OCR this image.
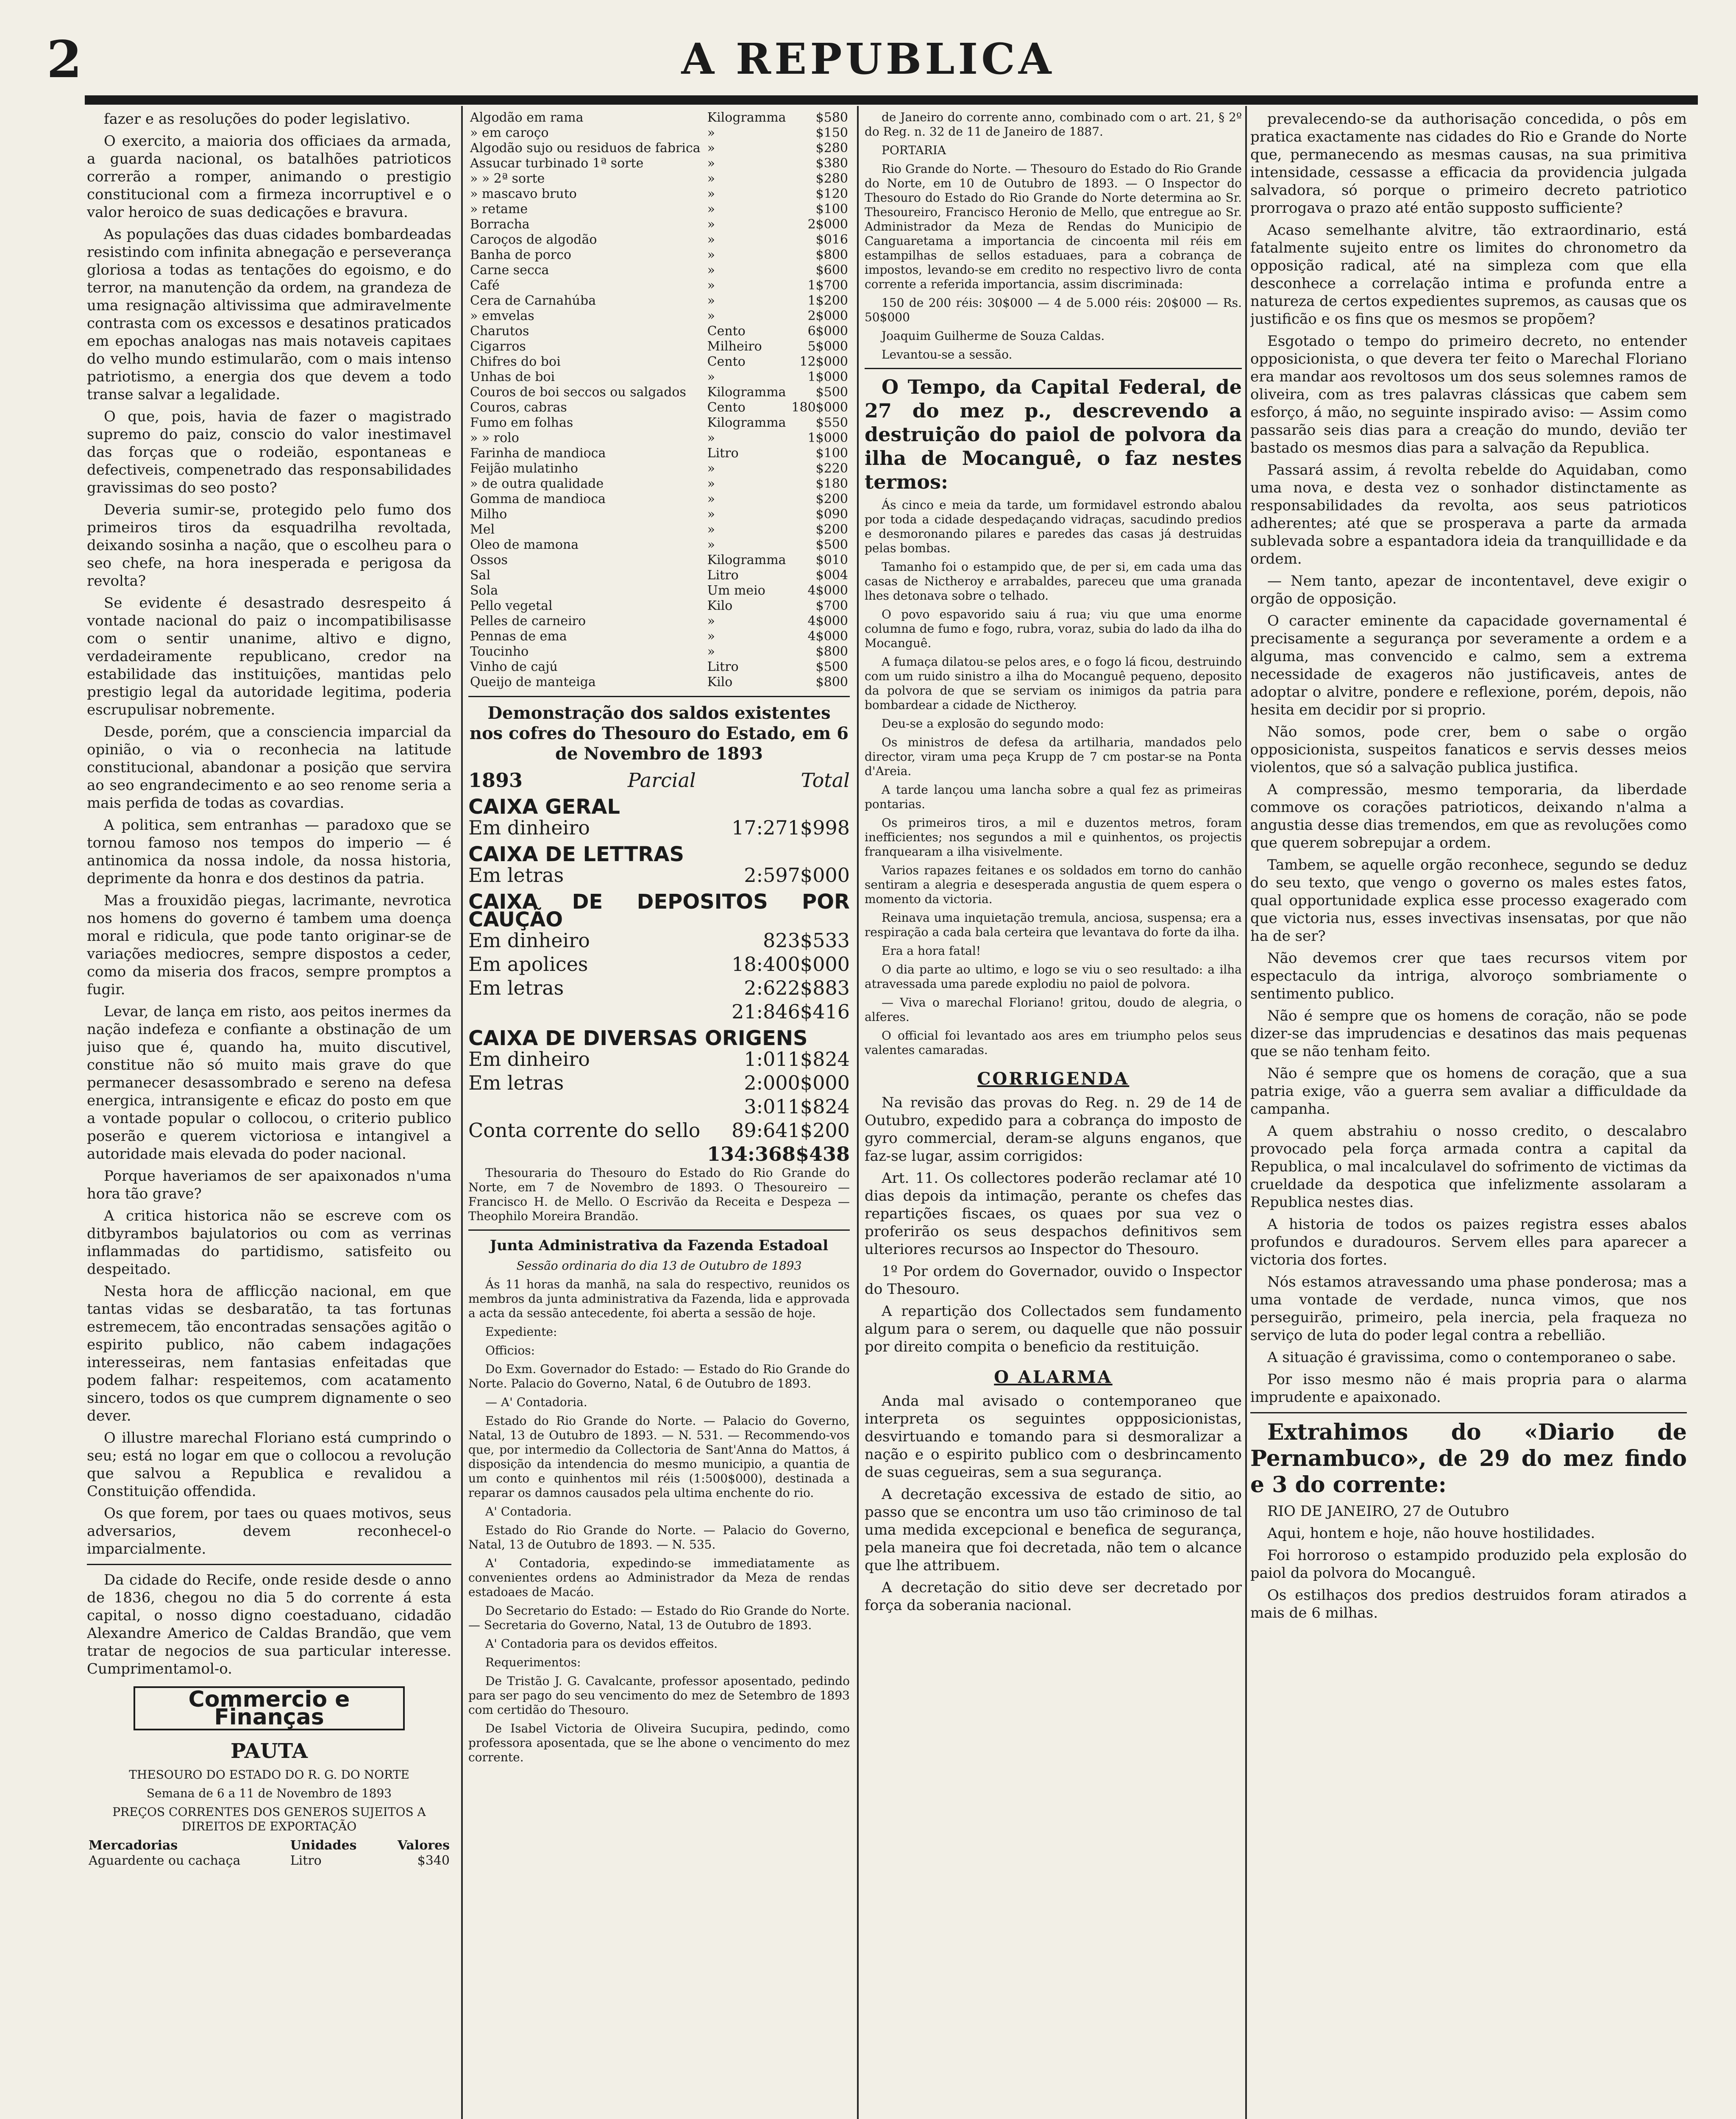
2	A REPUBLICA

fazer e as resoluções do poder legislativo.

O exercito, a maioria dos officiaes da armada, a guarda nacional, os batalhões patrioticos correrão a romper, animando o prestigio constitucional com a firmeza incorruptivel e o valor heroico de suas dedicações e bravura.

As populações das duas cidades bombardeadas resistindo com infinita abnegação e perseverança gloriosa a todas as tentações do egoismo, e do terror, na manutenção da ordem, na grandeza de uma resignação altivissima que admiravelmente contrasta com os excessos e desatinos praticados em epochas analogas nas mais notaveis capitaes do velho mundo estimularão, com o mais intenso patriotismo, a energia dos que devem a todo transe salvar a legalidade.

O que, pois, havia de fazer o magistrado supremo do paiz, conscio do valor inestimavel das forças que o rodeião, espontaneas e defectiveis, compenetrado das responsabilidades gravissimas do seo posto?

Deveria sumir-se, protegido pelo fumo dos primeiros tiros da esquadrilha revoltada, deixando sosinha a nação, que o escolheu para o seo chefe, na hora inesperada e perigosa da revolta?

Se evidente é desastrado desrespeito á vontade nacional do paiz o incompatibilisasse com o sentir unanime, altivo e digno, verdadeiramente republicano, credor na estabilidade das instituições, mantidas pelo prestigio legal da autoridade legitima, poderia escrupulisar nobremente.

Desde, porém, que a consciencia imparcial da opinião, o via o reconhecia na latitude constitucional, abandonar a posição que servira ao seo engrandecimento e ao seo renome seria a mais perfida de todas as covardias.

A politica, sem entranhas — paradoxo que se tornou famoso nos tempos do imperio — é antinomica da nossa indole, da nossa historia, deprimente da honra e dos destinos da patria.

Mas a frouxidão piegas, lacrimante, nevrotica nos homens do governo é tambem uma doença moral e ridicula, que pode tanto originar-se de variações mediocres, sempre dispostos a ceder, como da miseria dos fracos, sempre promptos a fugir.

Levar, de lança em risto, aos peitos inermes da nação indefeza e confiante a obstinação de um juiso que é, quando ha, muito discutivel, constitue não só muito mais grave do que permanecer desassombrado e sereno na defesa energica, intransigente e eficaz do posto em que a vontade popular o collocou, o criterio publico poserão e querem victoriosa e intangivel a autoridade mais elevada do poder nacional.

Porque haveriamos de ser apaixonados n'uma hora tão grave?

A critica historica não se escreve com os ditbyrambos bajulatorios ou com as verrinas inflammadas do partidismo, satisfeito ou despeitado.

Nesta hora de afflicção nacional, em que tantas vidas se desbaratão, ta tas fortunas estremecem, tão encontradas sensações agitão o espirito publico, não cabem indagações interesseiras, nem fantasias enfeitadas que podem falhar: respeitemos, com acatamento sincero, todos os que cumprem dignamente o seo dever.

O illustre marechal Floriano está cumprindo o seu; está no logar em que o collocou a revolução que salvou a Republica e revalidou a Constituição offendida.

Os que forem, por taes ou quaes motivos, seus adversarios, devem reconhecel-o imparcialmente.

Da cidade do Recife, onde reside desde o anno de 1836, chegou no dia 5 do corrente á esta capital, o nosso digno coestaduano, cidadão Alexandre Americo de Caldas Brandão, que vem tratar de negocios de sua particular interesse. Cumprimentamol-o.

Commercio e Finanças

PAUTA

THESOURO DO ESTADO DO R. G. DO NORTE

Semana de 6 a 11 de Novembro de 1893

PREÇOS CORRENTES DOS GENEROS SUJEITOS A DIREITOS DE EXPORTAÇÃO

Mercadorias	Unidades	Valores
Aguardente ou cachaça	Litro	$340
Algodão em rama	Kilogramma	$580
» em caroço	»	$150
Algodão sujo ou residuos de fabrica	»	$280
Assucar turbinado 1ª sorte	»	$380
» » 2ª sorte	»	$280
» mascavo bruto	»	$120
» retame	»	$100
Borracha	»	2$000
Caroços de algodão	»	$016
Banha de porco	»	$800
Carne secca	»	$600
Café	»	1$700
Cera de Carnahúba	»	1$200
» emvelas	»	2$000
Charutos	Cento	6$000
Cigarros	Milheiro	5$000
Chifres do boi	Cento	12$000
Unhas de boi	»	1$000
Couros de boi seccos ou salgados	Kilogramma	$500
Couros, cabras	Cento	180$000
Fumo em folhas	Kilogramma	$550
» » rolo	»	1$000
Farinha de mandioca	Litro	$100
Feijão mulatinho	»	$220
» de outra qualidade	»	$180
Gomma de mandioca	»	$200
Milho	»	$090
Mel	»	$200
Oleo de mamona	»	$500
Ossos	Kilogramma	$010
Sal	Litro	$004
Sola	Um meio	4$000
Pello vegetal	Kilo	$700
Pelles de carneiro	»	4$000
Pennas de ema	»	4$000
Toucinho	»	$800
Vinho de cajú	Litro	$500
Queijo de manteiga	Kilo	$800

Demonstração dos saldos existentes nos cofres do Thesouro do Estado, em 6 de Novembro de 1893

1893	Parcial	Total
CAIXA GERAL
Em dinheiro	17:271$998
CAIXA DE LETTRAS
Em letras	2:597$000
CAIXA DE DEPOSITOS POR CAUÇÃO
Em dinheiro	823$533
Em apolices	18:400$000
Em letras	2:622$883
21:846$416
CAIXA DE DIVERSAS ORIGENS
Em dinheiro	1:011$824
Em letras	2:000$000
3:011$824
Conta corrente do sello 89:641$200
134:368$438

Thesouraria do Thesouro do Estado do Rio Grande do Norte, em 7 de Novembro de 1893. O Thesoureiro — Francisco H. de Mello. O Escrivão da Receita e Despeza — Theophilo Moreira Brandão.

Junta Administrativa da Fazenda Estadoal

Sessão ordinaria do dia 13 de Outubro de 1893

Ás 11 horas da manhã, na sala do respectivo, reunidos os membros da junta administrativa da Fazenda, lida e approvada a acta da sessão antecedente, foi aberta a sessão de hoje.

Expediente:

Officios:

Do Exm. Governador do Estado: — Estado do Rio Grande do Norte. Palacio do Governo, Natal, 6 de Outubro de 1893.

— A' Contadoria.

Estado do Rio Grande do Norte. — Palacio do Governo, Natal, 13 de Outubro de 1893. — N. 531. — Recommendo-vos que, por intermedio da Collectoria de Sant'Anna do Mattos, á disposição da intendencia do mesmo municipio, a quantia de um conto e quinhentos mil réis (1:500$000), destinada a reparar os damnos causados pela ultima enchente do rio.

A' Contadoria.

Estado do Rio Grande do Norte. — Palacio do Governo, Natal, 13 de Outubro de 1893. — N. 535.

A' Contadoria, expedindo-se immediatamente as convenientes ordens ao Administrador da Meza de rendas estadoaes de Macáo.

Do Secretario do Estado: — Estado do Rio Grande do Norte. — Secretaria do Governo, Natal, 13 de Outubro de 1893.

A' Contadoria para os devidos effeitos.

Requerimentos:

De Tristão J. G. Cavalcante, professor aposentado, pedindo para ser pago do seu vencimento do mez de Setembro de 1893 com certidão do Thesouro.

De Isabel Victoria de Oliveira Sucupira, pedindo, como professora aposentada, que se lhe abone o vencimento do mez corrente.

de Janeiro do corrente anno, combinado com o art. 21, § 2º do Reg. n. 32 de 11 de Janeiro de 1887.

PORTARIA

Rio Grande do Norte. — Thesouro do Estado do Rio Grande do Norte, em 10 de Outubro de 1893. — O Inspector do Thesouro do Estado do Rio Grande do Norte determina ao Sr. Thesoureiro, Francisco Heronio de Mello, que entregue ao Sr. Administrador da Meza de Rendas do Municipio de Canguaretama a importancia de cincoenta mil réis em estampilhas de sellos estaduaes, para a cobrança de impostos, levando-se em credito no respectivo livro de conta corrente a referida importancia, assim discriminada:

150 de 200 réis: 30$000 — 4 de 5.000 réis: 20$000 — Rs. 50$000

Joaquim Guilherme de Souza Caldas.

Levantou-se a sessão.

O Tempo, da Capital Federal, de 27 do mez p., descrevendo a destruição do paiol de polvora da ilha de Mocanguê, o faz nestes termos:

Ás cinco e meia da tarde, um formidavel estrondo abalou por toda a cidade despedaçando vidraças, sacudindo predios e desmoronando pilares e paredes das casas já destruidas pelas bombas.

Tamanho foi o estampido que, de per si, em cada uma das casas de Nictheroy e arrabaldes, pareceu que uma granada lhes detonava sobre o telhado.

O povo espavorido saiu á rua; viu que uma enorme columna de fumo e fogo, rubra, voraz, subia do lado da ilha do Mocanguê.

A fumaça dilatou-se pelos ares, e o fogo lá ficou, destruindo com um ruido sinistro a ilha do Mocanguê pequeno, deposito da polvora de que se serviam os inimigos da patria para bombardear a cidade de Nictheroy.

Deu-se a explosão do segundo modo:

Os ministros de defesa da artilharia, mandados pelo director, viram uma peça Krupp de 7 cm postar-se na Ponta d'Areia.

A tarde lançou uma lancha sobre a qual fez as primeiras pontarias.

Os primeiros tiros, a mil e duzentos metros, foram inefficientes; nos segundos a mil e quinhentos, os projectis franquearam a ilha visivelmente.

Varios rapazes feitanes e os soldados em torno do canhão sentiram a alegria e desesperada angustia de quem espera o momento da victoria.

Reinava uma inquietação tremula, anciosa, suspensa; era a respiração a cada bala certeira que levantava do forte da ilha.

Era a hora fatal!

O dia parte ao ultimo, e logo se viu o seo resultado: a ilha atravessada uma parede explodiu no paiol de polvora.

— Viva o marechal Floriano! gritou, doudo de alegria, o alferes.

O official foi levantado aos ares em triumpho pelos seus valentes camaradas.

CORRIGENDA

Na revisão das provas do Reg. n. 29 de 14 de Outubro, expedido para a cobrança do imposto de gyro commercial, deram-se alguns enganos, que faz-se lugar, assim corrigidos:

Art. 11. Os collectores poderão reclamar até 10 dias depois da intimação, perante os chefes das repartições fiscaes, os quaes por sua vez o proferirão os seus despachos definitivos sem ulteriores recursos ao Inspector do Thesouro.

1º Por ordem do Governador, ouvido o Inspector do Thesouro.

A repartição dos Collectados sem fundamento algum para o serem, ou daquelle que não possuir por direito compita o beneficio da restituição.

O ALARMA

Anda mal avisado o contemporaneo que interpreta os seguintes oppposicionistas, desvirtuando e tomando para si desmoralizar a nação e o espirito publico com o desbrincamento de suas cegueiras, sem a sua segurança.

A decretação excessiva de estado de sitio, ao passo que se encontra um uso tão criminoso de tal uma medida excepcional e benefica de segurança, pela maneira que foi decretada, não tem o alcance que lhe attribuem.

A decretação do sitio deve ser decretado por força da soberania nacional.

prevalecendo-se da authorisação concedida, o pôs em pratica exactamente nas cidades do Rio e Grande do Norte que, permanecendo as mesmas causas, na sua primitiva intensidade, cessasse a efficacia da providencia julgada salvadora, só porque o primeiro decreto patriotico prorrogava o prazo até então supposto sufficiente?

Acaso semelhante alvitre, tão extraordinario, está fatalmente sujeito entre os limites do chronometro da opposição radical, até na simpleza com que ella desconhece a correlação intima e profunda entre a natureza de certos expedientes supremos, as causas que os justificão e os fins que os mesmos se propõem?

Esgotado o tempo do primeiro decreto, no entender opposicionista, o que devera ter feito o Marechal Floriano era mandar aos revoltosos um dos seus solemnes ramos de oliveira, com as tres palavras clássicas que cabem sem esforço, á mão, no seguinte inspirado aviso: — Assim como passarão seis dias para a creação do mundo, devião ter bastado os mesmos dias para a salvação da Republica.

Passará assim, á revolta rebelde do Aquidaban, como uma nova, e desta vez o sonhador distinctamente as responsabilidades da revolta, aos seus patrioticos adherentes; até que se prosperava a parte da armada sublevada sobre a espantadora ideia da tranquillidade e da ordem.

— Nem tanto, apezar de incontentavel, deve exigir o orgão de opposição.

O caracter eminente da capacidade governamental é precisamente a segurança por severamente a ordem e a alguma, mas convencido e calmo, sem a extrema necessidade de exageros não justificaveis, antes de adoptar o alvitre, pondere e reflexione, porém, depois, não hesita em decidir por si proprio.

Não somos, pode crer, bem o sabe o orgão opposicionista, suspeitos fanaticos e servis desses meios violentos, que só a salvação publica justifica.

A compressão, mesmo temporaria, da liberdade commove os corações patrioticos, deixando n'alma a angustia desse dias tremendos, em que as revoluções como que querem sobrepujar a ordem.

Tambem, se aquelle orgão reconhece, segundo se deduz do seu texto, que vengo o governo os males estes fatos, qual opportunidade explica esse processo exagerado com que victoria nus, esses invectivas insensatas, por que não ha de ser?

Não devemos crer que taes recursos vitem por espectaculo da intriga, alvoroço sombriamente o sentimento publico.

Não é sempre que os homens de coração, não se pode dizer-se das imprudencias e desatinos das mais pequenas que se não tenham feito.

Não é sempre que os homens de coração, que a sua patria exige, vão a guerra sem avaliar a difficuldade da campanha.

A quem abstrahiu o nosso credito, o descalabro provocado pela força armada contra a capital da Republica, o mal incalculavel do sofrimento de victimas da crueldade da despotica que infelizmente assolaram a Republica nestes dias.

A historia de todos os paizes registra esses abalos profundos e duradouros. Servem elles para aparecer a victoria dos fortes.

Nós estamos atravessando uma phase ponderosa; mas a uma vontade de verdade, nunca vimos, que nos perseguirão, primeiro, pela inercia, pela fraqueza no serviço de luta do poder legal contra a rebellião.

A situação é gravissima, como o contemporaneo o sabe.

Por isso mesmo não é mais propria para o alarma imprudente e apaixonado.

Extrahimos do «Diario de Pernambuco», de 29 do mez findo e 3 do corrente:

RIO DE JANEIRO, 27 de Outubro

Aqui, hontem e hoje, não houve hostilidades.

Foi horroroso o estampido produzido pela explosão do paiol da polvora do Mocanguê.

Os estilhaços dos predios destruidos foram atirados a mais de 6 milhas.
